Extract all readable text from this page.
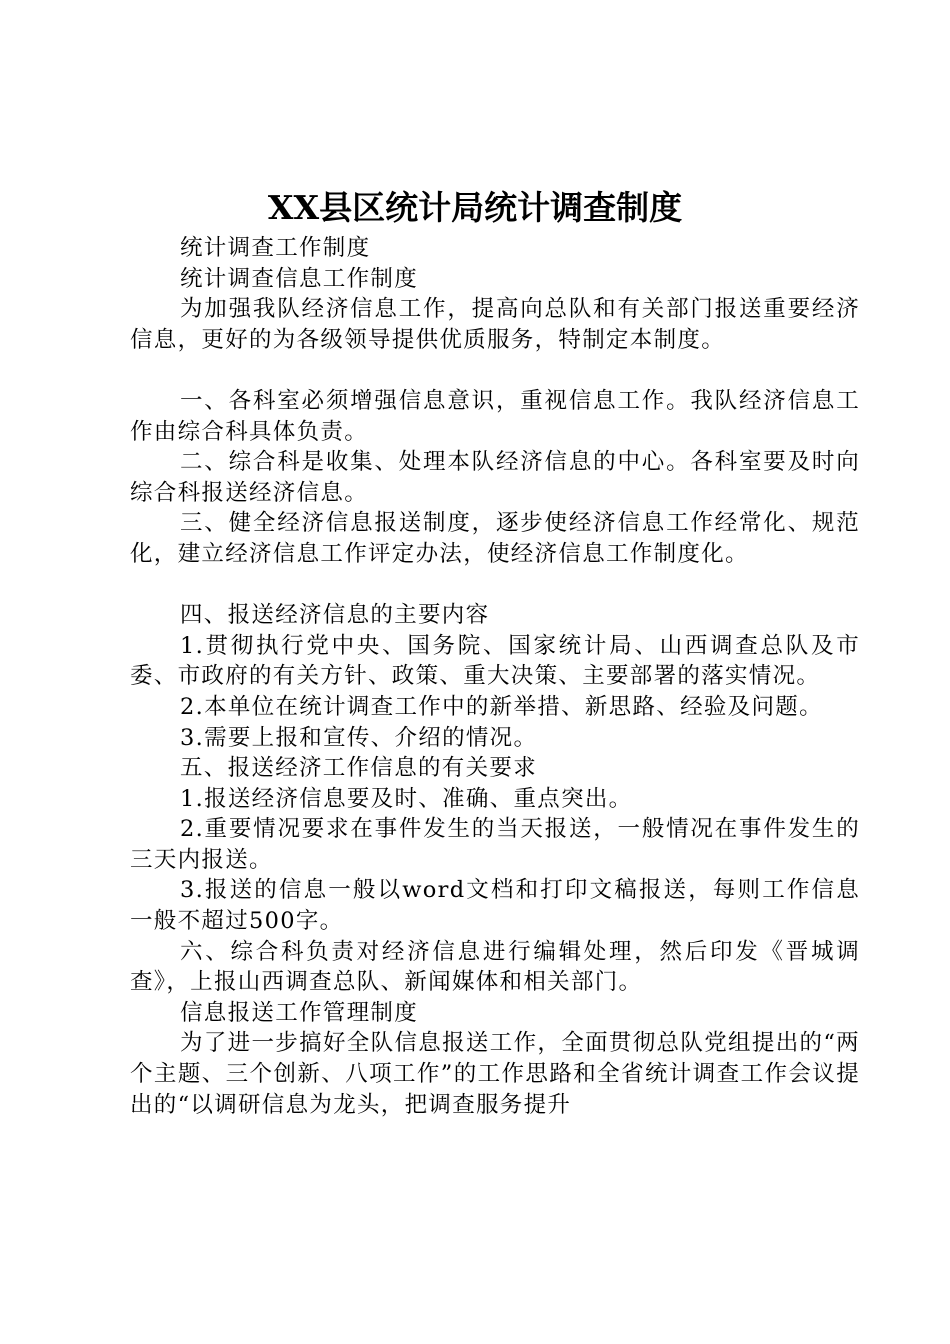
XX县区统计局统计调查制度

统计调查工作制度

统计调查信息工作制度

为加强我队经济信息工作，提高向总队和有关部门报送重要经济信息，更好的为各级领导提供优质服务，特制定本制度。

一、各科室必须增强信息意识，重视信息工作。我队经济信息工作由综合科具体负责。

二、综合科是收集、处理本队经济信息的中心。各科室要及时向综合科报送经济信息。

三、健全经济信息报送制度，逐步使经济信息工作经常化、规范化，建立经济信息工作评定办法，使经济信息工作制度化。

四、报送经济信息的主要内容

1.贯彻执行党中央、国务院、国家统计局、山西调查总队及市委、市政府的有关方针、政策、重大决策、主要部署的落实情况。

2.本单位在统计调查工作中的新举措、新思路、经验及问题。

3.需要上报和宣传、介绍的情况。

五、报送经济工作信息的有关要求

1.报送经济信息要及时、准确、重点突出。

2.重要情况要求在事件发生的当天报送，一般情况在事件发生的三天内报送。

3.报送的信息一般以word文档和打印文稿报送，每则工作信息一般不超过500字。

六、综合科负责对经济信息进行编辑处理，然后印发《晋城调查》，上报山西调查总队、新闻媒体和相关部门。

信息报送工作管理制度

为了进一步搞好全队信息报送工作，全面贯彻总队党组提出的“两个主题、三个创新、八项工作”的工作思路和全省统计调查工作会议提出的“以调研信息为龙头，把调查服务提升
